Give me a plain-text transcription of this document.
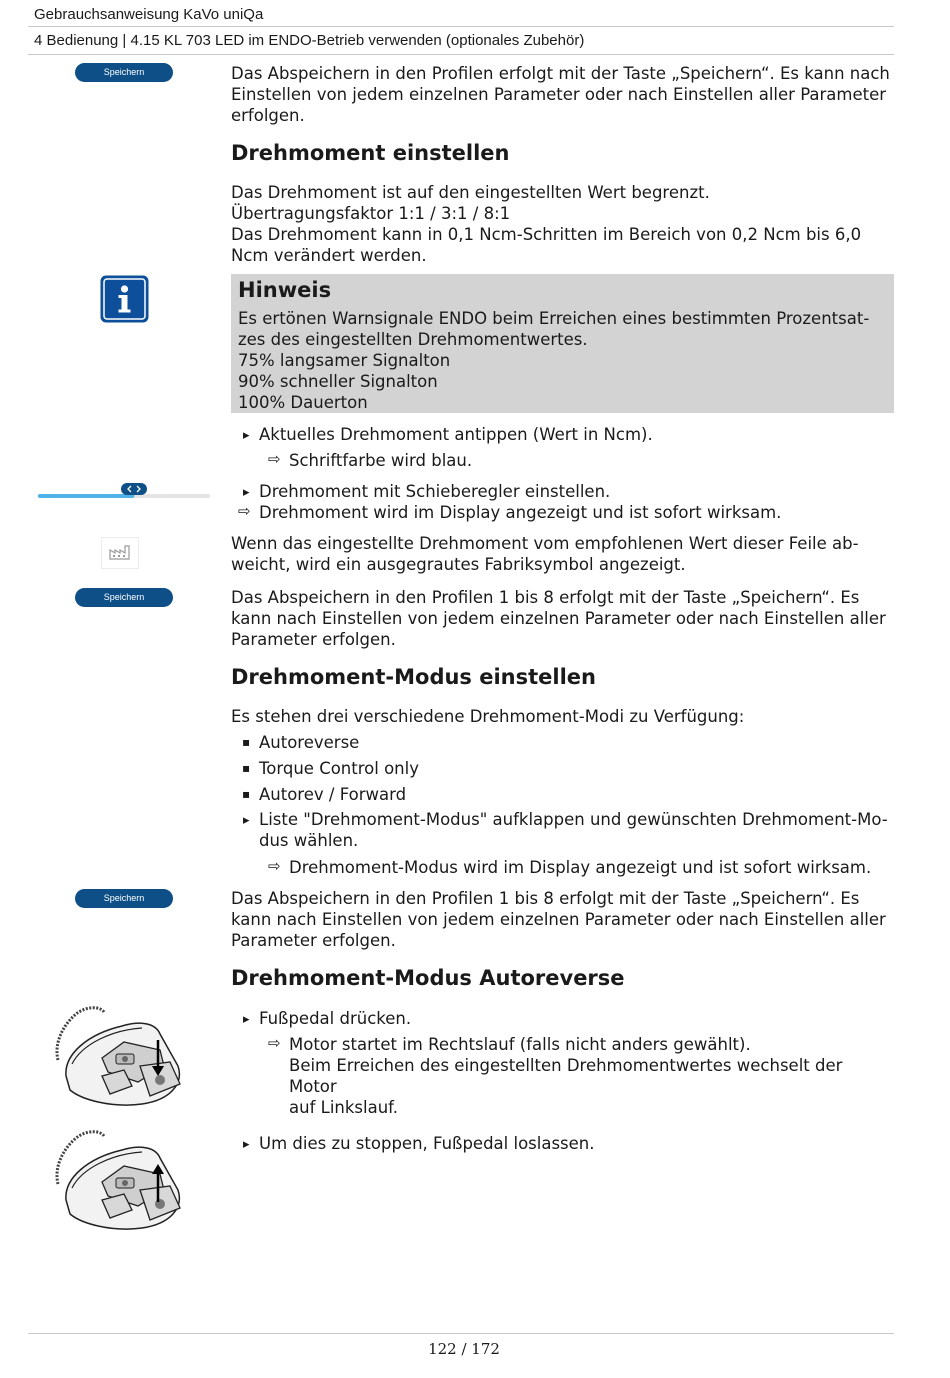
Gebrauchsanweisung KaVo uniQa
4 Bedienung | 4.15 KL 703 LED im ENDO-Betrieb verwenden (optionales Zubehör)
Speichern	Das Abspeichern in den Profilen erfolgt mit der Taste „Speichern“. Es kann nach
Einstellen von jedem einzelnen Parameter oder nach Einstellen aller Parameter
erfolgen.
Drehmoment einstellen
Das Drehmoment ist auf den eingestellten Wert begrenzt.
Übertragungsfaktor 1:1 / 3:1 / 8:1
Das Drehmoment kann in 0,1 Ncm-Schritten im Bereich von 0,2 Ncm bis 6,0
Ncm verändert werden.
Hinweis
Es ertönen Warnsignale ENDO beim Erreichen eines bestimmten Prozentsat-
zes des eingestellten Drehmomentwertes.
75% langsamer Signalton
90% schneller Signalton
100% Dauerton
▸ Aktuelles Drehmoment antippen (Wert in Ncm).
⇨ Schriftfarbe wird blau.
▸ Drehmoment mit Schieberegler einstellen.
⇨ Drehmoment wird im Display angezeigt und ist sofort wirksam.
Wenn das eingestellte Drehmoment vom empfohlenen Wert dieser Feile ab-
weicht, wird ein ausgegrautes Fabriksymbol angezeigt.
Speichern	Das Abspeichern in den Profilen 1 bis 8 erfolgt mit der Taste „Speichern“. Es
kann nach Einstellen von jedem einzelnen Parameter oder nach Einstellen aller
Parameter erfolgen.
Drehmoment-Modus einstellen
Es stehen drei verschiedene Drehmoment-Modi zu Verfügung:
▪ Autoreverse
▪ Torque Control only
▪ Autorev / Forward
▸ Liste "Drehmoment-Modus" aufklappen und gewünschten Drehmoment-Mo-
dus wählen.
⇨ Drehmoment-Modus wird im Display angezeigt und ist sofort wirksam.
Speichern	Das Abspeichern in den Profilen 1 bis 8 erfolgt mit der Taste „Speichern“. Es
kann nach Einstellen von jedem einzelnen Parameter oder nach Einstellen aller
Parameter erfolgen.
Drehmoment-Modus Autoreverse
▸ Fußpedal drücken.
⇨ Motor startet im Rechtslauf (falls nicht anders gewählt).
Beim Erreichen des eingestellten Drehmomentwertes wechselt der Motor
auf Linkslauf.
▸ Um dies zu stoppen, Fußpedal loslassen.
122 / 172
